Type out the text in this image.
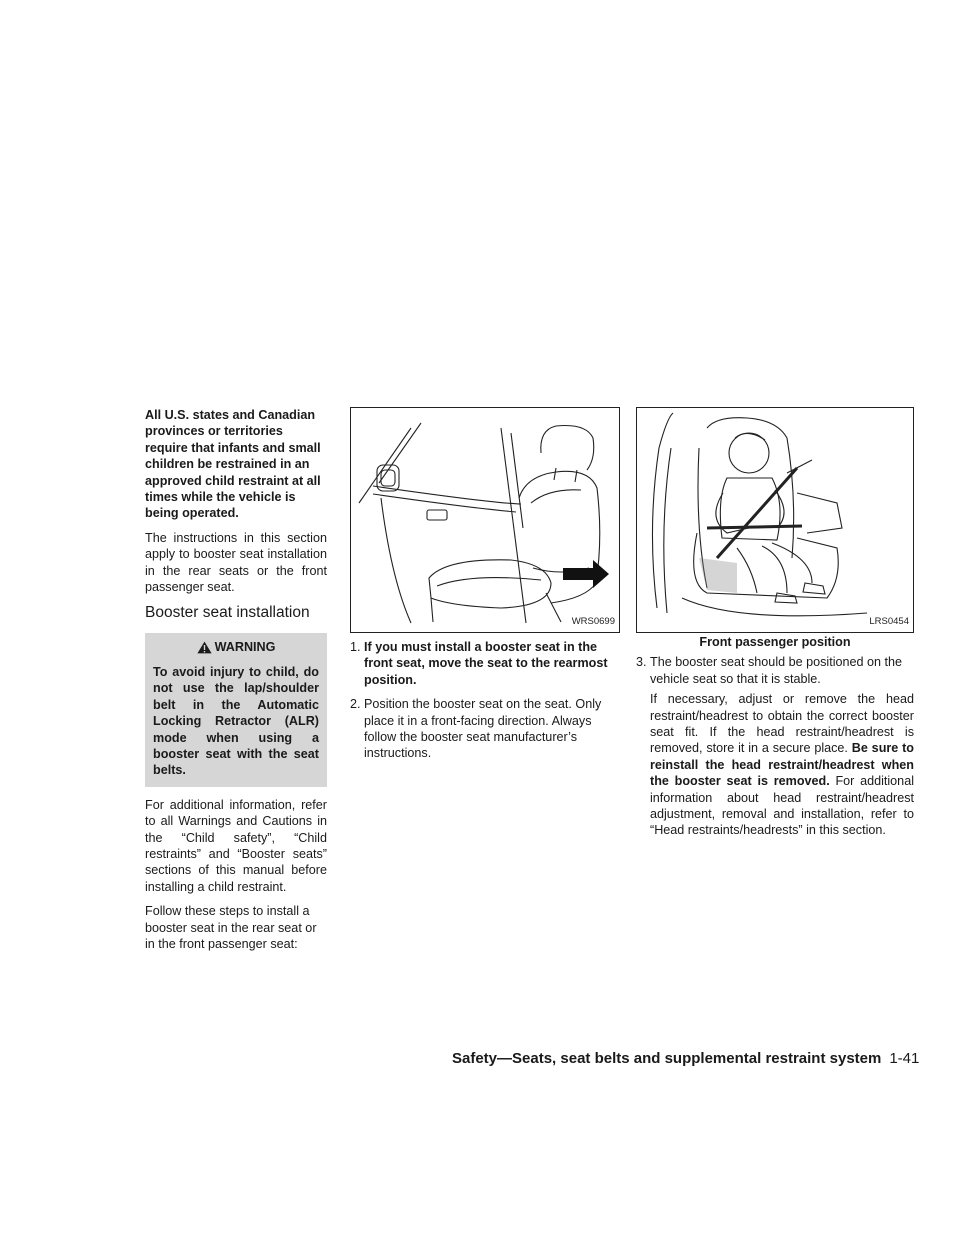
All U.S. states and Canadian provinces or territories require that infants and small children be restrained in an approved child restraint at all times while the vehicle is being operated.

The instructions in this section apply to booster seat installation in the rear seats or the front passenger seat.

Booster seat installation
WARNING

To avoid injury to child, do not use the lap/shoulder belt in the Automatic Locking Retractor (ALR) mode when using a booster seat with the seat belts.

For additional information, refer to all Warnings and Cautions in the “Child safety”, “Child restraints” and “Booster seats” sections of this manual before installing a child restraint.

Follow these steps to install a booster seat in the rear seat or in the front passenger seat:

WRS0699
1. If you must install a booster seat in the front seat, move the seat to the rearmost position.
2. Position the booster seat on the seat. Only place it in a front-facing direction. Always follow the booster seat manufacturer’s instructions.
LRS0454
Front passenger position
3. The booster seat should be positioned on the vehicle seat so that it is stable.
If necessary, adjust or remove the head restraint/headrest to obtain the correct booster seat fit. If the head restraint/headrest is removed, store it in a secure place. Be sure to reinstall the head restraint/headrest when the booster seat is removed. For additional information about head restraint/headrest adjustment, removal and installation, refer to “Head restraints/headrests” in this section.
Safety—Seats, seat belts and supplemental restraint system 1-41
